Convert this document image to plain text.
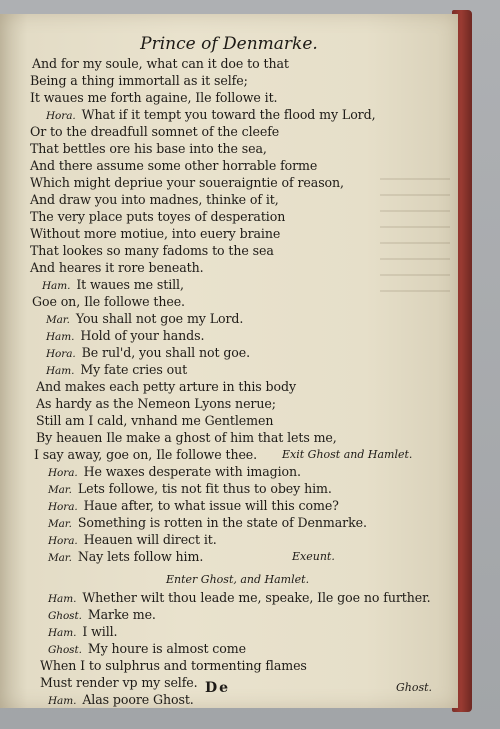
Prince of Denmarke.
And for my soule, what can it doe to that
Being a thing immortall as it selfe;
It waues me forth againe, Ile followe it.
Hora. What if it tempt you toward the flood my Lord,
Or to the dreadfull somnet of the cleefe
That bettles ore his base into the sea,
And there assume some other horrable forme
Which might depriue your soueraigntie of reason,
And draw you into madnes, thinke of it,
The very place puts toyes of desperation
Without more motiue, into euery braine
That lookes so many fadoms to the sea
And heares it rore beneath.
Ham. It waues me still,
Goe on, Ile followe thee.
Mar. You shall not goe my Lord.
Ham. Hold of your hands.
Hora. Be rul'd, you shall not goe.
Ham. My fate cries out
And makes each petty arture in this body
As hardy as the Nemeon Lyons nerue;
Still am I cald, vnhand me Gentlemen
By heauen Ile make a ghost of him that lets me,
I say away, goe on, Ile followe thee.
Hora. He waxes desperate with imagion.
Mar. Lets followe, tis not fit thus to obey him.
Hora. Haue after, to what issue will this come?
Mar. Something is rotten in the state of Denmarke.
Hora. Heauen will direct it.
Mar. Nay lets follow him.
Ham. Whether wilt thou leade me, speake, Ile goe no further.
Ghost. Marke me.
Ham. I will.
Ghost. My houre is almost come
When I to sulphrus and tormenting flames
Must render vp my selfe.
Ham. Alas poore Ghost.
Exit Ghost and Hamlet.
Exeunt.
Enter Ghost, and Hamlet.
De	Ghost.
